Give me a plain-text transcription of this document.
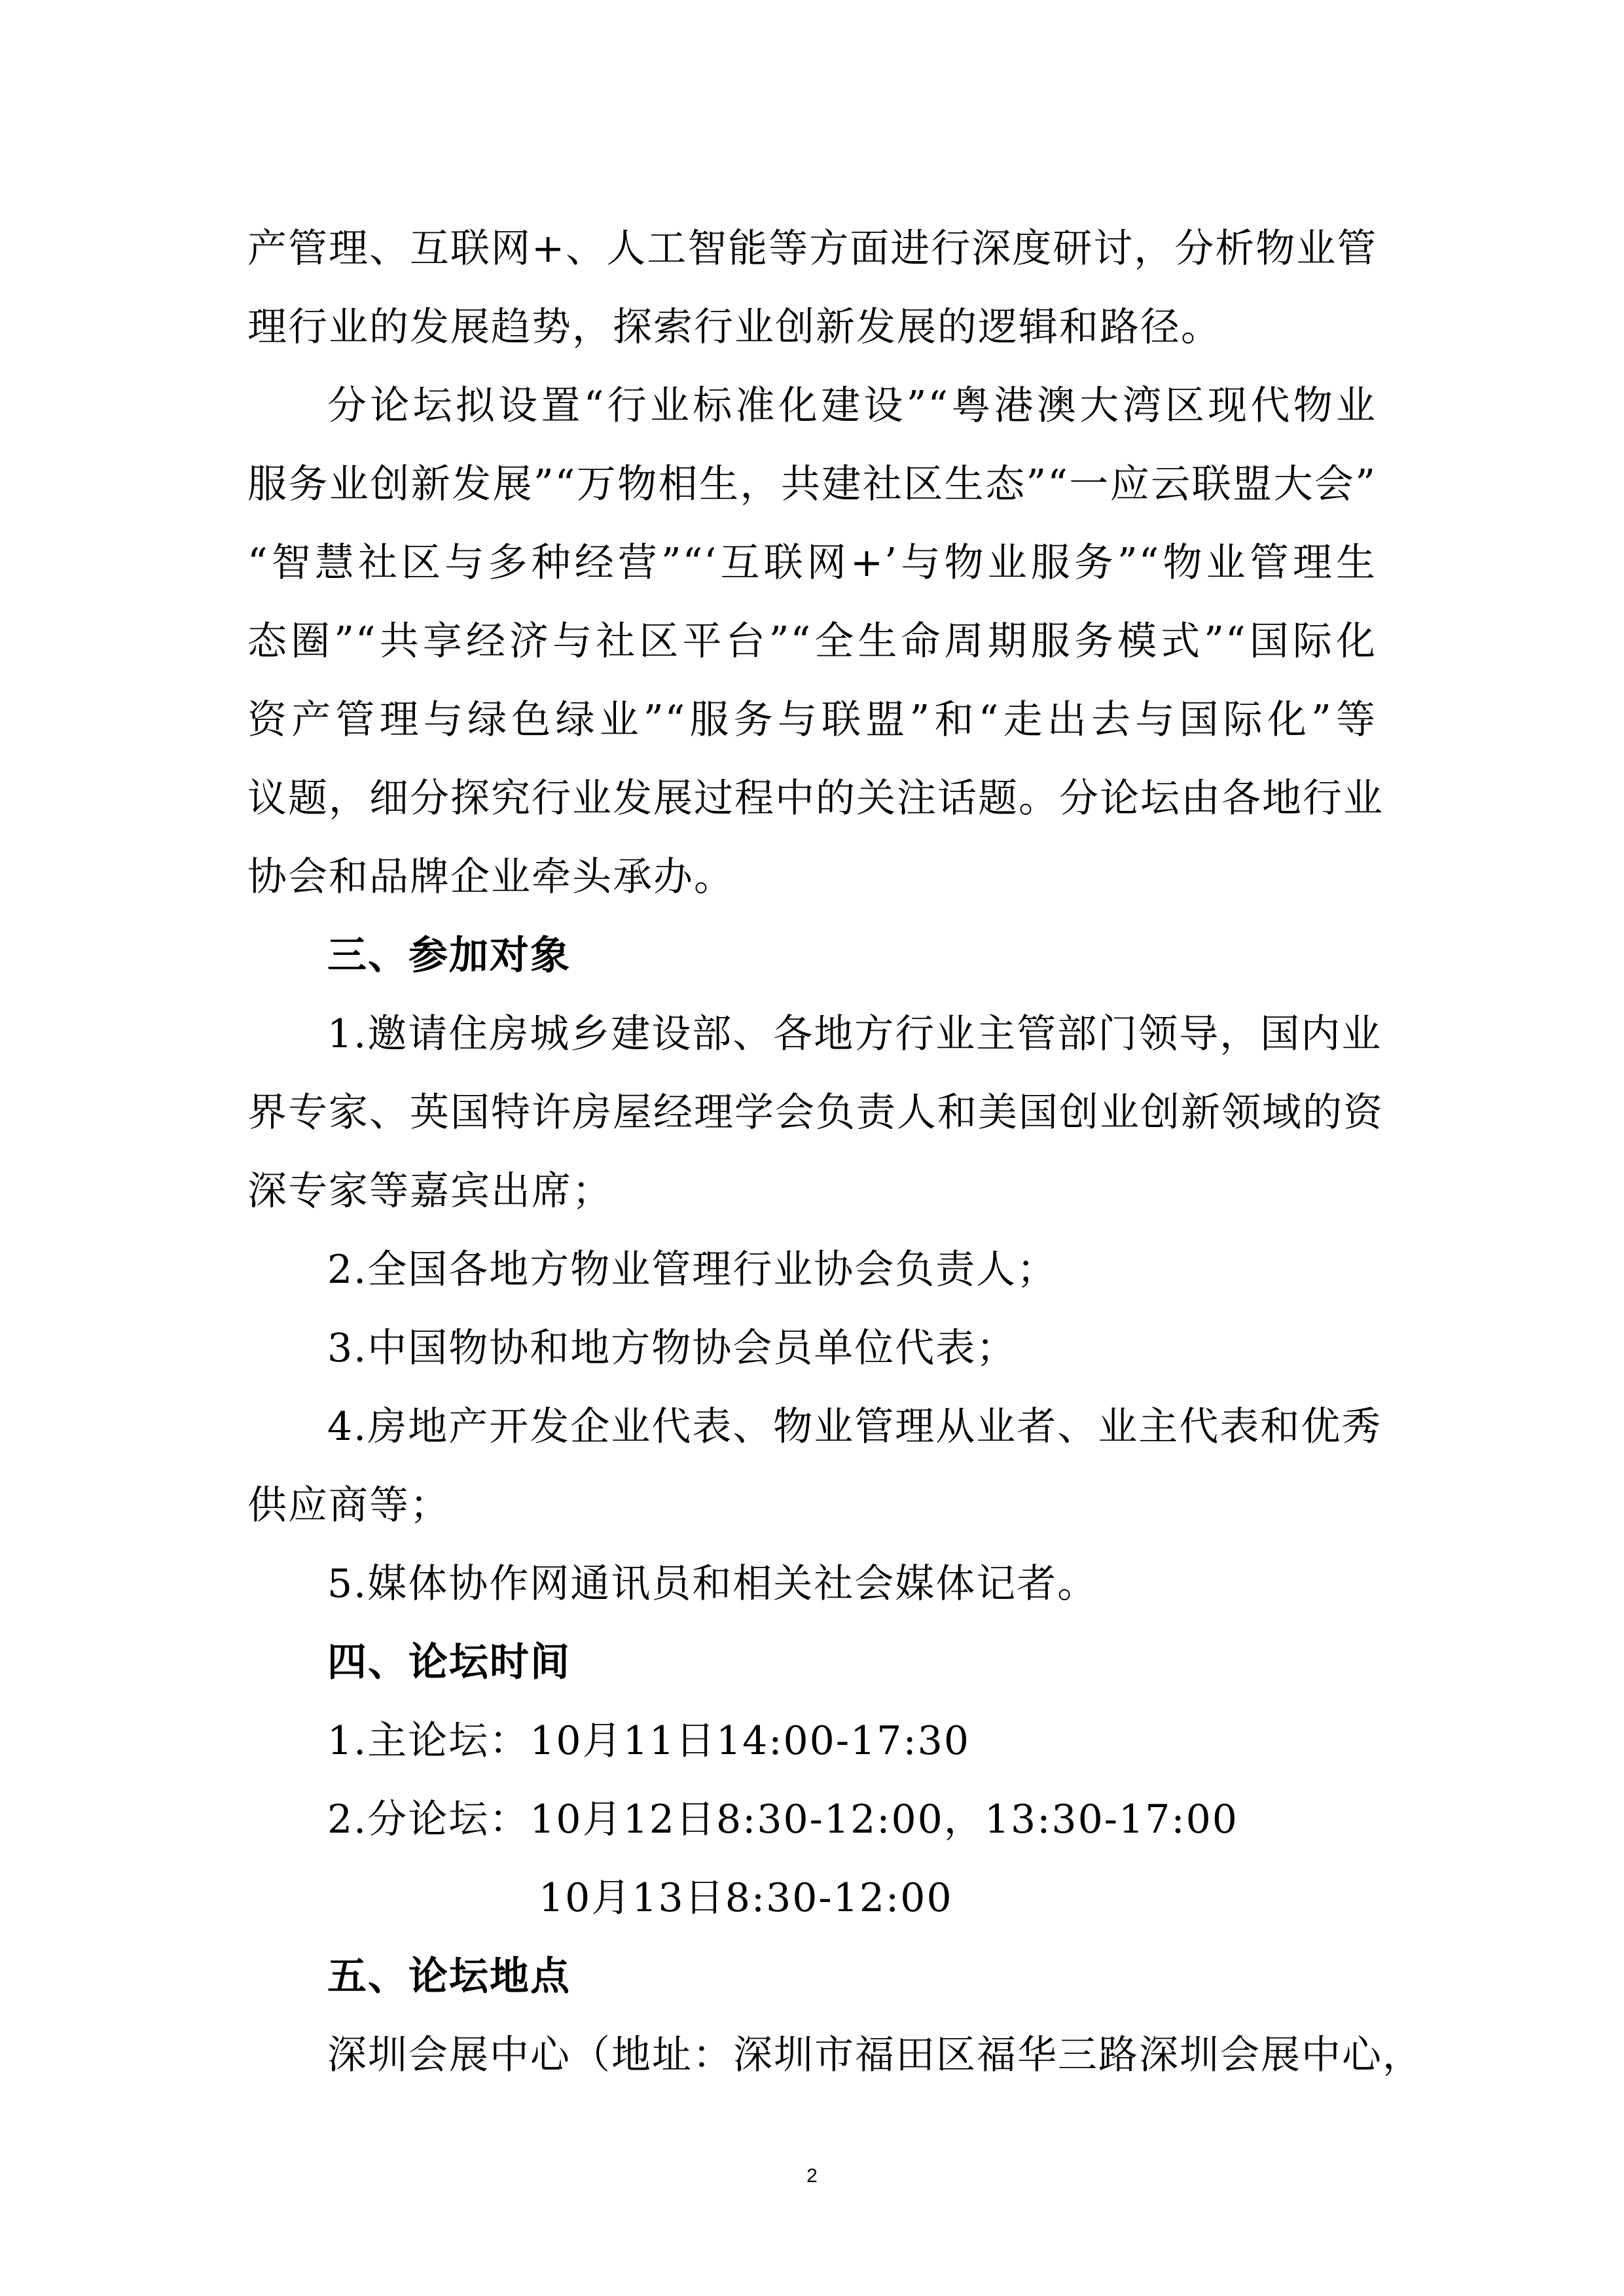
产管理、互联网+、人工智能等方面进行深度研讨，分析物业管
理行业的发展趋势，探索行业创新发展的逻辑和路径。
分论坛拟设置“行业标准化建设”“粤港澳大湾区现代物业
服务业创新发展”“万物相生，共建社区生态”“一应云联盟大会”
“智慧社区与多种经营”“‘互联网+’与物业服务”“物业管理生
态圈”“共享经济与社区平台”“全生命周期服务模式”“国际化
资产管理与绿色绿业”“服务与联盟”和“走出去与国际化”等
议题，细分探究行业发展过程中的关注话题。分论坛由各地行业
协会和品牌企业牵头承办。
三、参加对象
1.邀请住房城乡建设部、各地方行业主管部门领导，国内业
界专家、英国特许房屋经理学会负责人和美国创业创新领域的资
深专家等嘉宾出席；
2.全国各地方物业管理行业协会负责人；
3.中国物协和地方物协会员单位代表；
4.房地产开发企业代表、物业管理从业者、业主代表和优秀
供应商等；
5.媒体协作网通讯员和相关社会媒体记者。
四、论坛时间
1.主论坛：10月11日14:00-17:30
2.分论坛：10月12日8:30-12:00，13:30-17:00
10月13日8:30-12:00
五、论坛地点
深圳会展中心（地址：深圳市福田区福华三路深圳会展中心，
2
